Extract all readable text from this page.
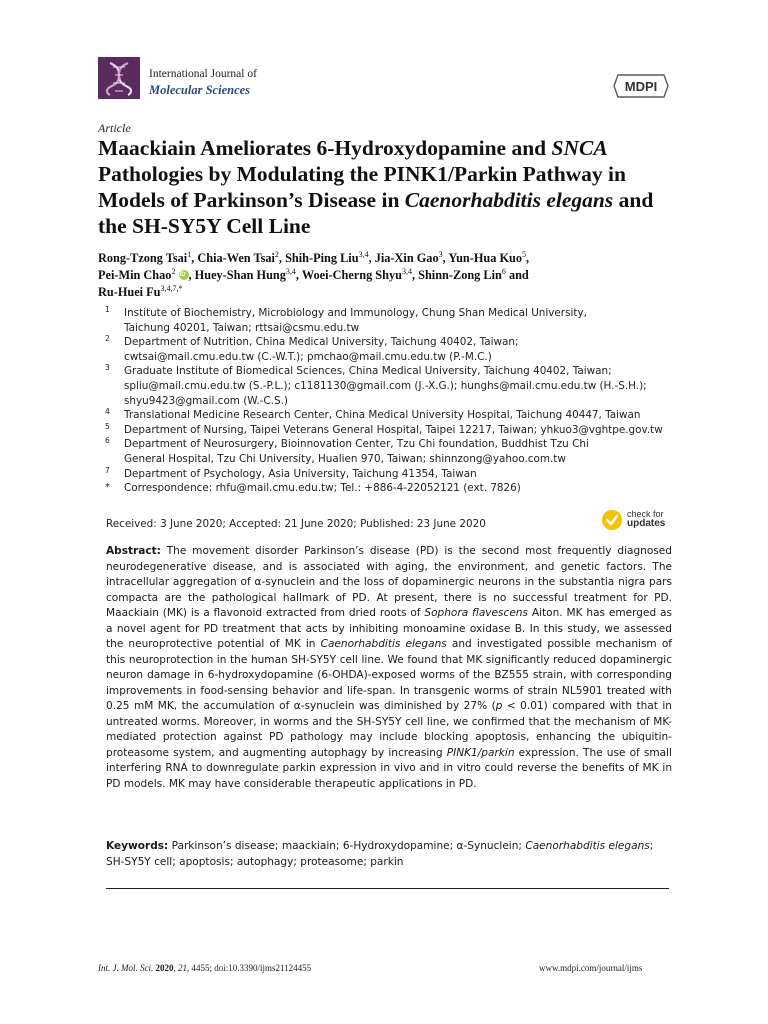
International Journal of
Molecular Sciences	MDPI
Article
Maackiain Ameliorates 6-Hydroxydopamine and SNCA Pathologies by Modulating the PINK1/Parkin Pathway in Models of Parkinson’s Disease in Caenorhabditis elegans and the SH-SY5Y Cell Line
Rong-Tzong Tsai$^1$, Chia-Wen Tsai$^2$, Shih-Ping Liu$^{3,4}$, Jia-Xin Gao$^3$, Yun-Hua Kuo$^5$,
Pei-Min Chao$^2$ iD , Huey-Shan Hung$^{3,4}$, Woei-Cherng Shyu$^{3,4}$, Shinn-Zong Lin$^6$ and
Ru-Huei $Fu^{3,4,7,*}$
1 Institute of Biochemistry, Microbiology and Immunology, Chung Shan Medical University,
Taichung 40201, Taiwan; rttsai@csmu.edu.tw
2 Department of Nutrition, China Medical University, Taichung 40402, Taiwan;
cwtsai@mail.cmu.edu.tw (C.-W.T.); pmchao@mail.cmu.edu.tw (P.-M.C.)
3 Graduate Institute of Biomedical Sciences, China Medical University, Taichung 40402, Taiwan;
spliu@mail.cmu.edu.tw (S.-P.L.); c1181130@gmail.com (J.-X.G.); hunghs@mail.cmu.edu.tw (H.-S.H.);
shyu9423@gmail.com (W.-C.S.)
4 Translational Medicine Research Center, China Medical University Hospital, Taichung 40447, Taiwan
5 Department of Nursing, Taipei Veterans General Hospital, Taipei 12217, Taiwan; yhkuo3@vghtpe.gov.tw
6 Department of Neurosurgery, Bioinnovation Center, Tzu Chi foundation, Buddhist Tzu Chi
General Hospital, Tzu Chi University, Hualien 970, Taiwan; shinnzong@yahoo.com.tw
7 Department of Psychology, Asia University, Taichung 41354, Taiwan
* Correspondence: rhfu@mail.cmu.edu.tw; Tel.: +886-4-22052121 (ext. 7826)
Received: 3 June 2020; Accepted: 21 June 2020; Published: 23 June 2020
check for
updates
Abstract: The movement disorder Parkinson’s disease (PD) is the second most frequently diagnosed neurodegenerative disease, and is associated with aging, the environment, and genetic factors. The intracellular aggregation of α-synuclein and the loss of dopaminergic neurons in the substantia nigra pars compacta are the pathological hallmark of PD. At present, there is no successful treatment for PD. Maackiain (MK) is a flavonoid extracted from dried roots of Sophora flavescens Aiton. MK has emerged as a novel agent for PD treatment that acts by inhibiting monoamine oxidase B. In this study, we assessed the neuroprotective potential of MK in Caenorhabditis elegans and investigated possible mechanism of this neuroprotection in the human SH-SY5Y cell line. We found that MK significantly reduced dopaminergic neuron damage in 6-hydroxydopamine (6-OHDA)-exposed worms of the BZ555 strain, with corresponding improvements in food-sensing behavior and life-span. In transgenic worms of strain NL5901 treated with 0.25 mM MK, the accumulation of α-synuclein was diminished by 27% (p < 0.01) compared with that in untreated worms. Moreover, in worms and the SH-SY5Y cell line, we confirmed that the mechanism of MK-mediated protection against PD pathology may include blocking apoptosis, enhancing the ubiquitin-proteasome system, and augmenting autophagy by increasing PINK1/parkin expression. The use of small interfering RNA to downregulate parkin expression in vivo and in vitro could reverse the benefits of MK in PD models. MK may have considerable therapeutic applications in PD.
Keywords: Parkinson’s disease; maackiain; 6-Hydroxydopamine; α-Synuclein; Caenorhabditis elegans; SH-SY5Y cell; apoptosis; autophagy; proteasome; parkin
Int. J. Mol. Sci. 2020, 21, 4455; doi:10.3390/ijms21124455	www.mdpi.com/journal/ijms
